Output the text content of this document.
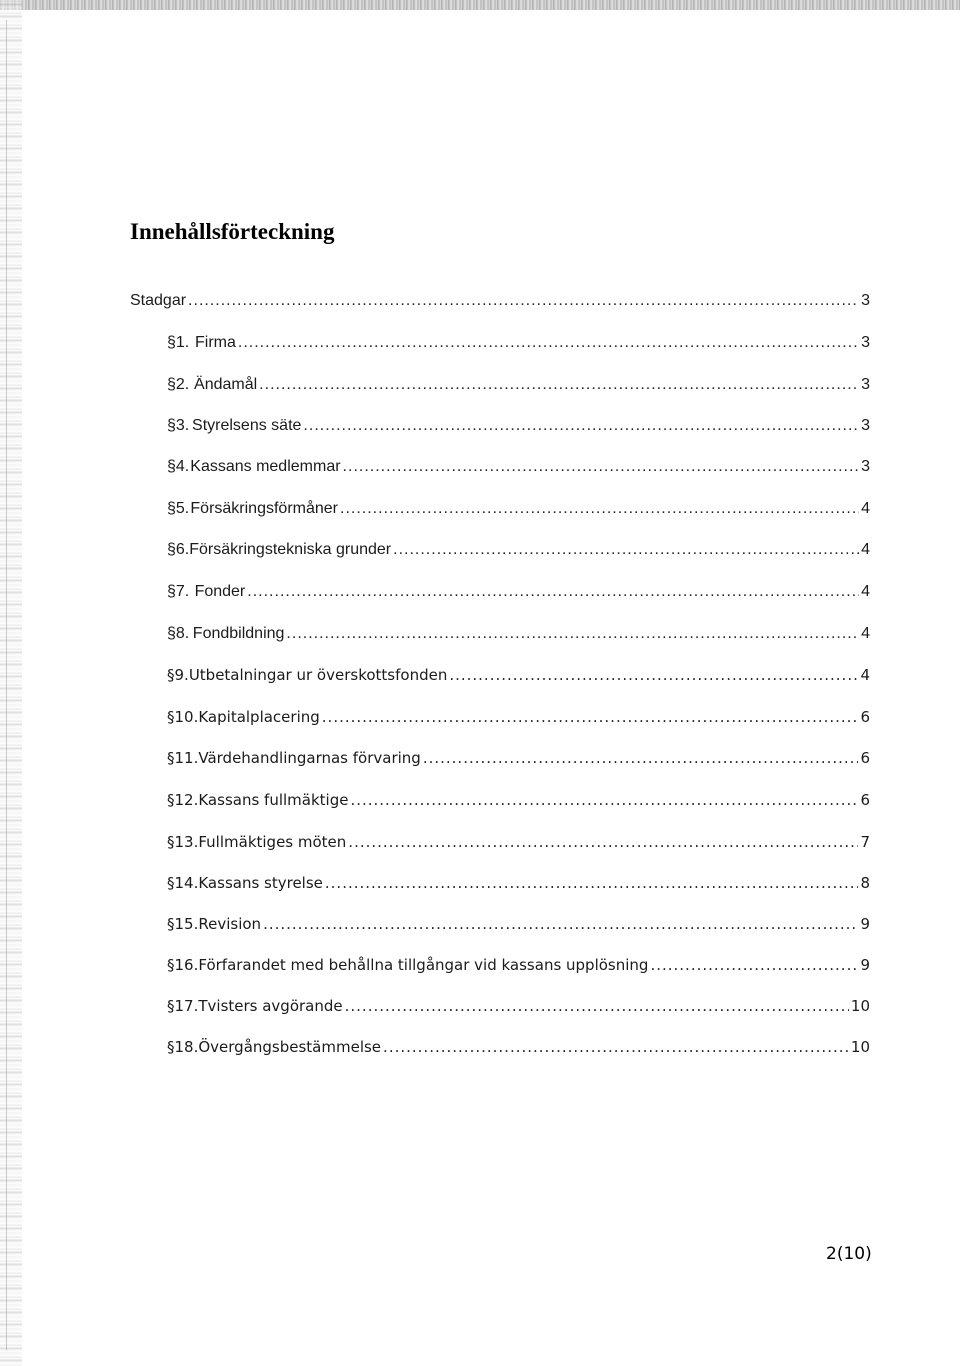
Innehållsförteckning
Stadgar .....	3
§1. Firma .....	3
§2. Ändamål .....	3
§3. Styrelsens säte .....	3
§4. Kassans medlemmar .....	3
§5. Försäkringsförmåner .....	4
§6. Försäkringstekniska grunder .....	4
§7. Fonder .....	4
§8. Fondbildning .....	4
§9. Utbetalningar ur överskottsfonden .....	4
§10. Kapitalplacering .....	6
§11. Värdehandlingarnas förvaring .....	6
§12. Kassans fullmäktige .....	6
§13. Fullmäktiges möten .....	7
§14. Kassans styrelse .....	8
§15. Revision .....	9
§16. Förfarandet med behållna tillgångar vid kassans upplösning .....	9
§17. Tvisters avgörande .....	10
§18. Övergångsbestämmelse .....	10
2(10)
